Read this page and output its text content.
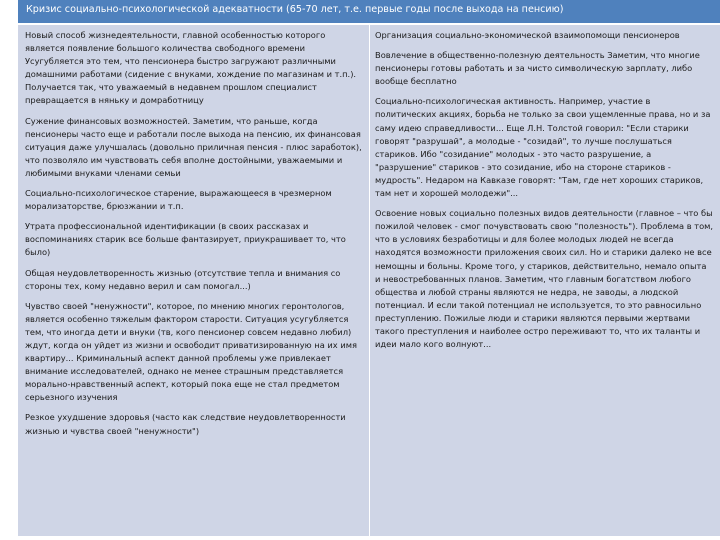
Кризис социально-психологической адекватности (65-70 лет, т.е. первые годы после выхода на пенсию)

Новый способ жизнедеятельности, главной особенностью которого является появление большого количества свободного времени Усугубляется это тем, что пенсионера быстро загружают различными домашними работами (сидение с внуками, хождение по магазинам и т.п.). Получается так, что уважаемый в недавнем прошлом специалист превращается в няньку и домработницу

Сужение финансовых возможностей. Заметим, что раньше, когда пенсионеры часто еще и работали после выхода на пенсию, их финансовая ситуация даже улучшалась (довольно приличная пенсия - плюс заработок), что позволяло им чувствовать себя вполне достойными, уважаемыми и любимыми внуками членами семьи

Социально-психологическое старение, выражающееся в чрезмерном морализаторстве, брюзжании и т.п.

Утрата профессиональной идентификации (в своих рассказах и воспоминаниях старик все больше фантазирует, приукрашивает то, что было)

Общая неудовлетворенность жизнью (отсутствие тепла и внимания со стороны тех, кому недавно верил и сам помогал...)

Чувство своей "ненужности", которое, по мнению многих геронтологов, является особенно тяжелым фактором старости. Ситуация усугубляется тем, что иногда дети и внуки (тв, кого пенсионер совсем недавно любил) ждут, когда он уйдет из жизни и освободит приватизированную на их имя квартиру... Криминальный аспект данной проблемы уже привлекает внимание исследователей, однако не менее страшным представляется морально-нравственный аспект, который пока еще не стал предметом серьезного изучения

Резкое ухудшение здоровья (часто как следствие неудовлетворенности жизнью и чувства своей "ненужности")

Организация социально-экономической взаимопомощи пенсионеров

Вовлечение в общественно-полезную деятельность Заметим, что многие пенсионеры готовы работать и за чисто символическую зарплату, либо вообще бесплатно

Социально-психологическая активность. Например, участие в политических акциях, борьба не только за свои ущемленные права, но и за саму идею справедливости... Еще Л.Н. Толстой говорил: "Если старики говорят "разрушай", а молодые - "созидай", то лучше послушаться стариков. Ибо "созидание" молодых - это часто разрушение, а "разрушение" стариков - это созидание, ибо на стороне стариков - мудрость". Недаром на Кавказе говорят: "Там, где нет хороших стариков, там нет и хорошей молодежи"...

Освоение новых социально полезных видов деятельности (главное – что бы пожилой человек - смог почувствовать свою "полезность"). Проблема в том, что в условиях безработицы и для более молодых людей не всегда находятся возможности приложения своих сил. Но и старики далеко не все немощны и больны. Кроме того, у стариков, действительно, немало опыта и невостребованных планов. Заметим, что главным богатством любого общества и любой страны являются не недра, не заводы, а людской потенциал. И если такой потенциал не используется, то это равносильно преступлению. Пожилые люди и старики являются первыми жертвами такого преступления и наиболее остро переживают то, что их таланты и идеи мало кого волнуют...
